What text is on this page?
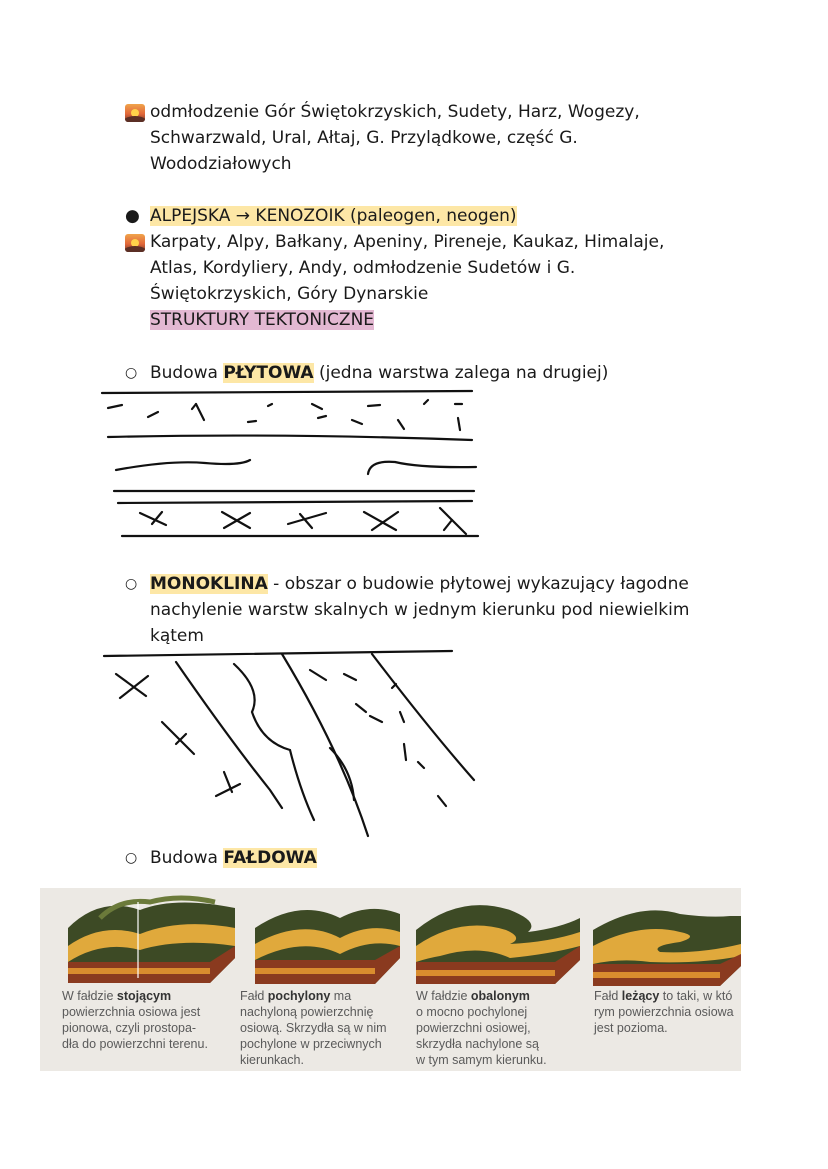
odmłodzenie Gór Świętokrzyskich, Sudety, Harz, Wogezy,
Schwarzwald, Ural, Ałtaj, G. Przylądkowe, część G.
Wododziałowych
● ALPEJSKA → KENOZOIK (paleogen, neogen)
Karpaty, Alpy, Bałkany, Apeniny, Pireneje, Kaukaz, Himalaje,
Atlas, Kordyliery, Andy, odmłodzenie Sudetów i G.
Świętokrzyskich, Góry Dynarskie
STRUKTURY TEKTONICZNE
○ Budowa PŁYTOWA (jedna warstwa zalega na drugiej)
○ MONOKLINA - obszar o budowie płytowej wykazujący łagodne
nachylenie warstw skalnych w jednym kierunku pod niewielkim
kątem
○ Budowa FAŁDOWA
W fałdzie stojącym
powierzchnia osiowa jest
pionowa, czyli prostopa-
dła do powierzchni terenu.
Fałd pochylony ma
nachyloną powierzchnię
osiową. Skrzydła są w nim
pochylone w przeciwnych
kierunkach.
W fałdzie obalonym
o mocno pochylonej
powierzchni osiowej,
skrzydła nachylone są
w tym samym kierunku.
Fałd leżący to taki, w któ
rym powierzchnia osiowa
jest pozioma.
